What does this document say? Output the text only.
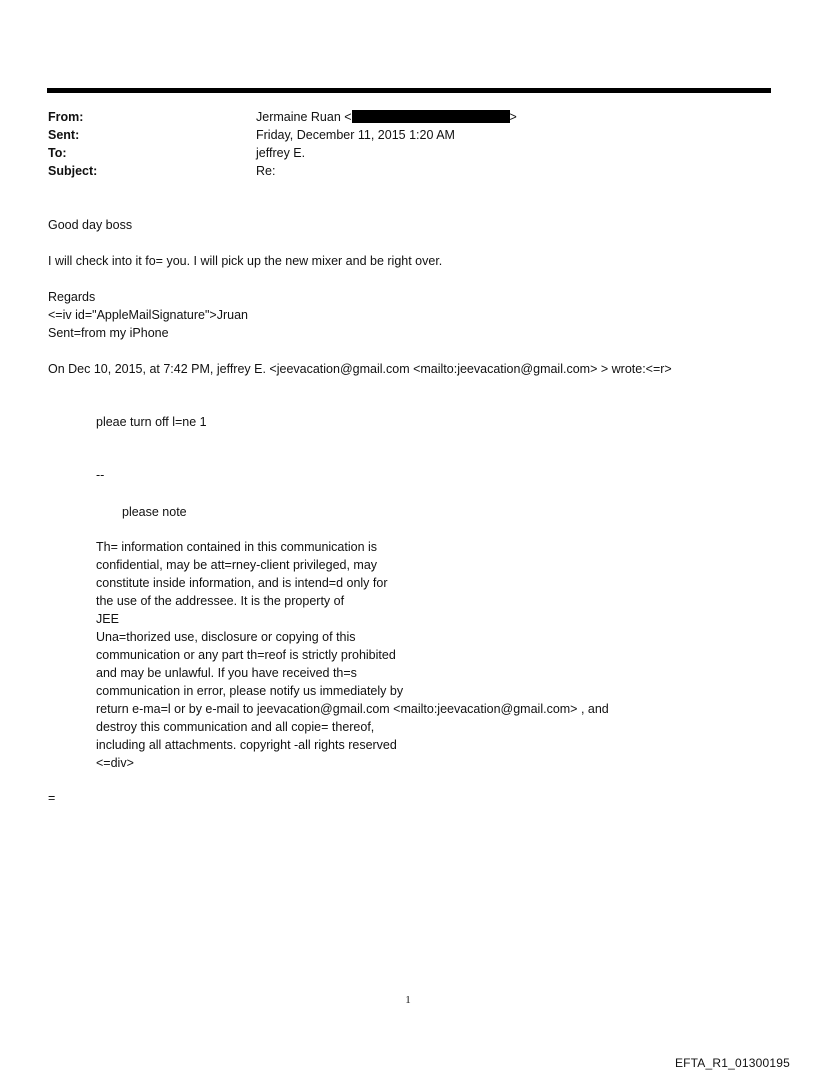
From:	Jermaine Ruan <	>
Sent:	Friday, December 11, 2015 1:20 AM
To:	jeffrey E.
Subject:	Re:
Good day boss
I will check into it fo= you. I will pick up the new mixer and be right over.
Regards
<=iv id="AppleMailSignature">Jruan
Sent=from my iPhone
On Dec 10, 2015, at 7:42 PM, jeffrey E. <jeevacation@gmail.com <mailto:jeevacation@gmail.com> > wrote:<=r>
pleae turn off l=ne 1
--
please note
Th= information contained in this communication is
confidential, may be att=rney-client privileged, may
constitute inside information, and is intend=d only for
the use of the addressee. It is the property of
JEE
Una=thorized use, disclosure or copying of this
communication or any part th=reof is strictly prohibited
and may be unlawful. If you have received th=s
communication in error, please notify us immediately by
return e-ma=l or by e-mail to jeevacation@gmail.com <mailto:jeevacation@gmail.com> , and
destroy this communication and all copie= thereof,
including all attachments. copyright -all rights reserved
<=div>
=
1
EFTA_R1_01300195
